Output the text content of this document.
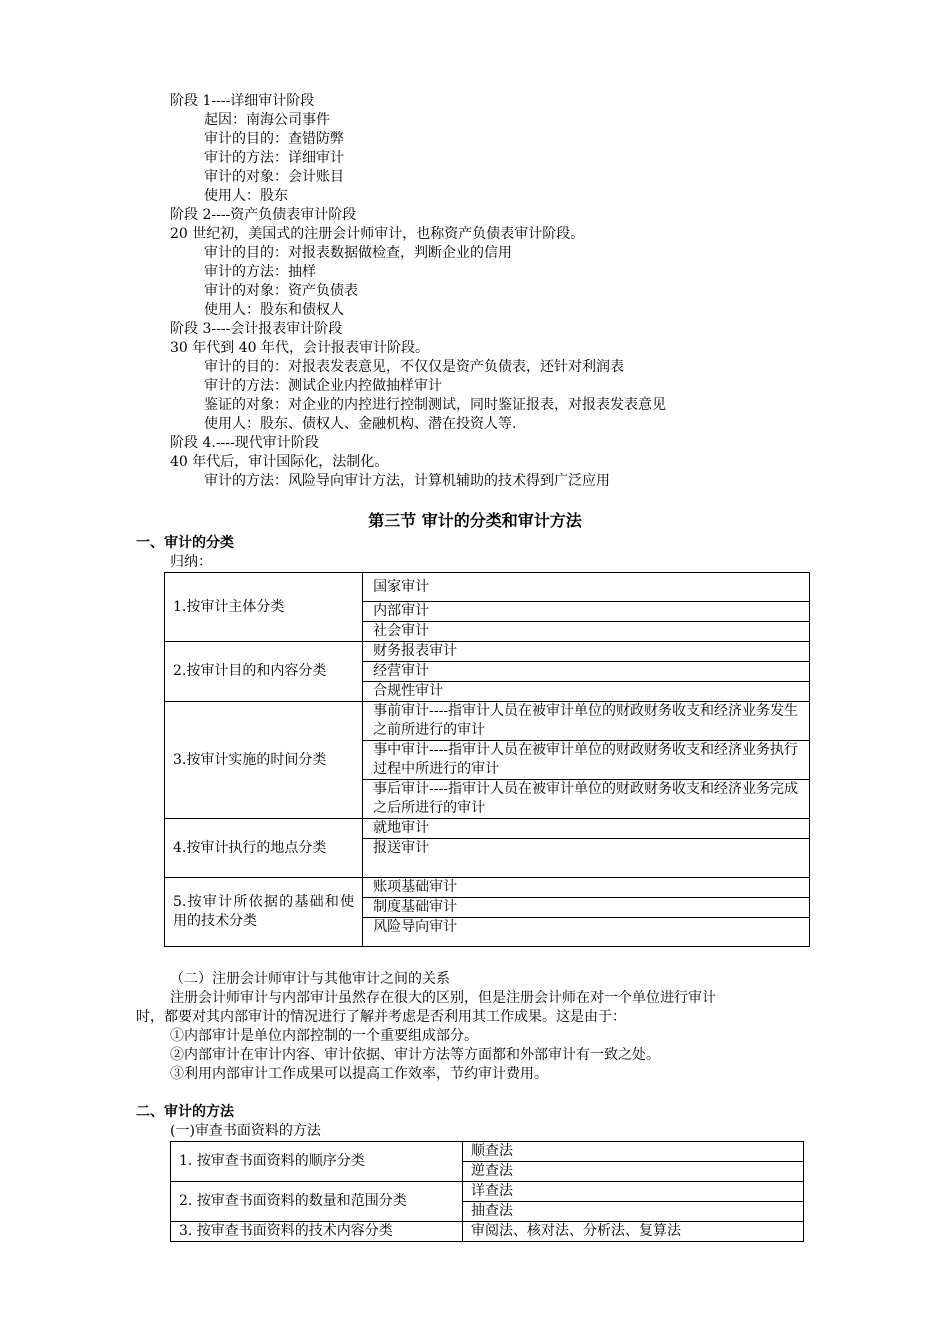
阶段 1----详细审计阶段
起因：南海公司事件
审计的目的：查错防弊
审计的方法：详细审计
审计的对象：会计账目
使用人：股东
阶段 2----资产负债表审计阶段
20 世纪初，美国式的注册会计师审计，也称资产负债表审计阶段。
审计的目的：对报表数据做检查，判断企业的信用
审计的方法：抽样
审计的对象：资产负债表
使用人：股东和债权人
阶段 3----会计报表审计阶段
30 年代到 40 年代，会计报表审计阶段。
审计的目的：对报表发表意见，不仅仅是资产负债表，还针对利润表
审计的方法：测试企业内控做抽样审计
鉴证的对象：对企业的内控进行控制测试，同时鉴证报表，对报表发表意见
使用人：股东、债权人、金融机构、潜在投资人等.
阶段 4.----现代审计阶段
40 年代后，审计国际化，法制化。
审计的方法：风险导向审计方法，计算机辅助的技术得到广泛应用
第三节 审计的分类和审计方法
一、审计的分类
归纳：
1.按审计主体分类	国家审计
	内部审计
	社会审计
2.按审计目的和内容分类	财务报表审计
	经营审计
	合规性审计
3.按审计实施的时间分类	事前审计----指审计人员在被审计单位的财政财务收支和经济业务发生之前所进行的审计
	事中审计----指审计人员在被审计单位的财政财务收支和经济业务执行过程中所进行的审计
	事后审计----指审计人员在被审计单位的财政财务收支和经济业务完成之后所进行的审计
4.按审计执行的地点分类	就地审计
	报送审计
5.按审计所依据的基础和使用的技术分类	账项基础审计
	制度基础审计
	风险导向审计
（二）注册会计师审计与其他审计之间的关系
注册会计师审计与内部审计虽然存在很大的区别，但是注册会计师在对一个单位进行审计
时，都要对其内部审计的情况进行了解并考虑是否利用其工作成果。这是由于：
①内部审计是单位内部控制的一个重要组成部分。
②内部审计在审计内容、审计依据、审计方法等方面都和外部审计有一致之处。
③利用内部审计工作成果可以提高工作效率，节约审计费用。
二、审计的方法
(一)审查书面资料的方法
1. 按审查书面资料的顺序分类	顺查法
	逆查法
2. 按审查书面资料的数量和范围分类	详查法
	抽查法
3. 按审查书面资料的技术内容分类	审阅法、核对法、分析法、复算法
